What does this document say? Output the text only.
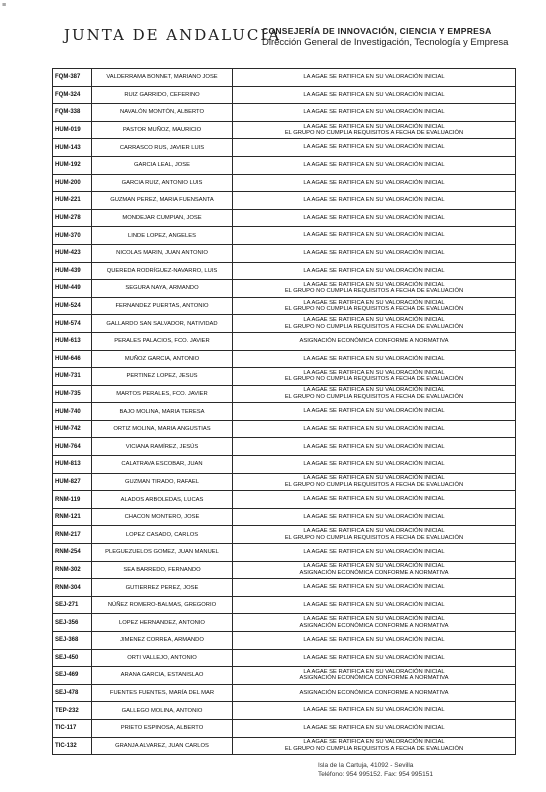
≡
JUNTA DE ANDALUCIA
CONSEJERÍA DE INNOVACIÓN, CIENCIA Y EMPRESA
Dirección General de Investigación, Tecnología y Empresa
FQM-387	VALDERRAMA BONNET, MARIANO JOSE	LA AGAE SE RATIFICA EN SU VALORACIÓN INICIAL

FQM-324	RUIZ GARRIDO, CEFERINO	LA AGAE SE RATIFICA EN SU VALORACIÓN INICIAL

FQM-338	NAVALÓN MONTÓN, ALBERTO	LA AGAE SE RATIFICA EN SU VALORACIÓN INICIAL

HUM-019	PASTOR MUÑOZ, MAURICIO	LA AGAE SE RATIFICA EN SU VALORACIÓN INICIAL
EL GRUPO NO CUMPLIA REQUISITOS A FECHA DE EVALUACIÓN

HUM-143	CARRASCO RUS, JAVIER LUIS	LA AGAE SE RATIFICA EN SU VALORACIÓN INICIAL

HUM-192	GARCIA LEAL, JOSE	LA AGAE SE RATIFICA EN SU VALORACIÓN INICIAL

HUM-200	GARCIA RUIZ, ANTONIO LUIS	LA AGAE SE RATIFICA EN SU VALORACIÓN INICIAL

HUM-221	GUZMAN PEREZ, MARIA FUENSANTA	LA AGAE SE RATIFICA EN SU VALORACIÓN INICIAL

HUM-278	MONDEJAR CUMPIAN, JOSE	LA AGAE SE RATIFICA EN SU VALORACIÓN INICIAL

HUM-370	LINDE LOPEZ, ANGELES	LA AGAE SE RATIFICA EN SU VALORACIÓN INICIAL

HUM-423	NICOLAS MARIN, JUAN ANTONIO	LA AGAE SE RATIFICA EN SU VALORACIÓN INICIAL

HUM-439	QUEREDA RODRÍGUEZ-NAVARRO, LUIS	LA AGAE SE RATIFICA EN SU VALORACIÓN INICIAL

HUM-449	SEGURA NAYA, ARMANDO	LA AGAE SE RATIFICA EN SU VALORACIÓN INICIAL
EL GRUPO NO CUMPLIA REQUISITOS A FECHA DE EVALUACIÓN

HUM-524	FERNANDEZ PUERTAS, ANTONIO	LA AGAE SE RATIFICA EN SU VALORACIÓN INICIAL
EL GRUPO NO CUMPLIA REQUISITOS A FECHA DE EVALUACIÓN

HUM-574	GALLARDO SAN SALVADOR, NATIVIDAD	LA AGAE SE RATIFICA EN SU VALORACIÓN INICIAL
EL GRUPO NO CUMPLIA REQUISITOS A FECHA DE EVALUACIÓN

HUM-613	PERALES PALACIOS, FCO. JAVIER	ASIGNACIÓN ECONÓMICA CONFORME A NORMATIVA

HUM-646	MUÑOZ GARCIA, ANTONIO	LA AGAE SE RATIFICA EN SU VALORACIÓN INICIAL

HUM-731	PERTINEZ LOPEZ, JESUS	LA AGAE SE RATIFICA EN SU VALORACIÓN INICIAL
EL GRUPO NO CUMPLIA REQUISITOS A FECHA DE EVALUACIÓN

HUM-735	MARTOS PERALES, FCO. JAVIER	LA AGAE SE RATIFICA EN SU VALORACIÓN INICIAL
EL GRUPO NO CUMPLIA REQUISITOS A FECHA DE EVALUACIÓN

HUM-740	BAJO MOLINA, MARIA TERESA	LA AGAE SE RATIFICA EN SU VALORACIÓN INICIAL

HUM-742	ORTIZ MOLINA, MARIA ANGUSTIAS	LA AGAE SE RATIFICA EN SU VALORACIÓN INICIAL

HUM-764	VICIANA RAMÍREZ, JESÚS	LA AGAE SE RATIFICA EN SU VALORACIÓN INICIAL

HUM-813	CALATRAVA ESCOBAR, JUAN	LA AGAE SE RATIFICA EN SU VALORACIÓN INICIAL

HUM-827	GUZMAN TIRADO, RAFAEL	LA AGAE SE RATIFICA EN SU VALORACIÓN INICIAL
EL GRUPO NO CUMPLIA REQUISITOS A FECHA DE EVALUACIÓN

RNM-119	ALADOS ARBOLEDAS, LUCAS	LA AGAE SE RATIFICA EN SU VALORACIÓN INICIAL

RNM-121	CHACON MONTERO, JOSE	LA AGAE SE RATIFICA EN SU VALORACIÓN INICIAL

RNM-217	LOPEZ CASADO, CARLOS	LA AGAE SE RATIFICA EN SU VALORACIÓN INICIAL
EL GRUPO NO CUMPLIA REQUISITOS A FECHA DE EVALUACIÓN

RNM-254	PLEGUEZUELOS GOMEZ, JUAN MANUEL	LA AGAE SE RATIFICA EN SU VALORACIÓN INICIAL

RNM-302	SEA BARREDO, FERNANDO	LA AGAE SE RATIFICA EN SU VALORACIÓN INICIAL
ASIGNACIÓN ECONÓMICA CONFORME A NORMATIVA

RNM-304	GUTIERREZ PEREZ, JOSE	LA AGAE SE RATIFICA EN SU VALORACIÓN INICIAL

SEJ-271	NÚÑEZ ROMERO-BALMAS, GREGORIO	LA AGAE SE RATIFICA EN SU VALORACIÓN INICIAL

SEJ-356	LOPEZ HERNANDEZ, ANTONIO	LA AGAE SE RATIFICA EN SU VALORACIÓN INICIAL
ASIGNACIÓN ECONÓMICA CONFORME A NORMATIVA

SEJ-368	JIMENEZ CORREA, ARMANDO	LA AGAE SE RATIFICA EN SU VALORACIÓN INICIAL

SEJ-450	ORTI VALLEJO, ANTONIO	LA AGAE SE RATIFICA EN SU VALORACIÓN INICIAL

SEJ-469	ARANA GARCIA, ESTANISLAO	LA AGAE SE RATIFICA EN SU VALORACIÓN INICIAL
ASIGNACIÓN ECONÓMICA CONFORME A NORMATIVA

SEJ-478	FUENTES FUENTES, MARÍA DEL MAR	ASIGNACIÓN ECONÓMICA CONFORME A NORMATIVA

TEP-232	GALLEGO MOLINA, ANTONIO	LA AGAE SE RATIFICA EN SU VALORACIÓN INICIAL

TIC-117	PRIETO ESPINOSA, ALBERTO	LA AGAE SE RATIFICA EN SU VALORACIÓN INICIAL

TIC-132	GRANJA ALVAREZ, JUAN CARLOS	LA AGAE SE RATIFICA EN SU VALORACIÓN INICIAL
EL GRUPO NO CUMPLIA REQUISITOS A FECHA DE EVALUACIÓN
Isla de la Cartuja, 41092 - Sevilla
Teléfono: 954 995152. Fax: 954 995151
